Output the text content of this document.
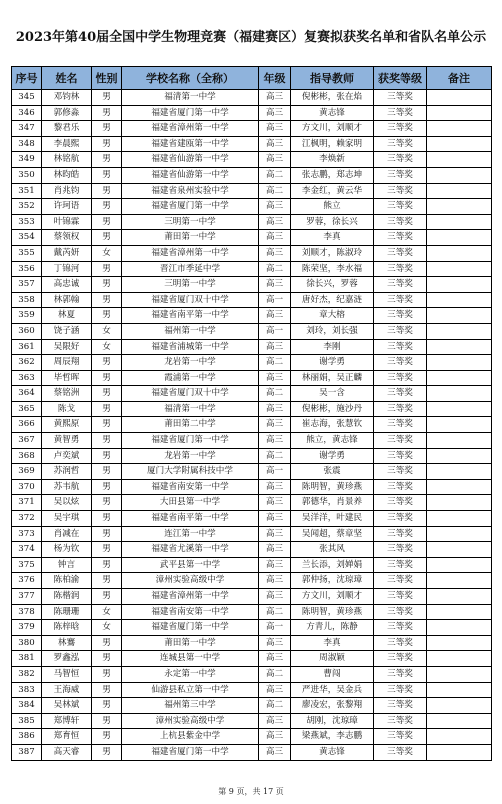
2023年第40届全国中学生物理竞赛（福建赛区）复赛拟获奖名单和省队名单公示
序号	姓名	性别	学校名称（全称）	年级	指导教师	获奖等级	备注
345	邓钧林	男	福清第一中学	高三	倪彬彬，张在焰	三等奖	
346	郭修淼	男	福建省厦门第一中学	高三	黄志锋	三等奖	
347	黎君乐	男	福建省漳州第一中学	高三	方文川，刘顺才	三等奖	
348	李晨熙	男	福建省建瓯第一中学	高三	江枫明，赖家明	三等奖	
349	林铭航	男	福建省仙游第一中学	高三	李焕新	三等奖	
350	林昀皓	男	福建省仙游第一中学	高二	张志鹏，郑志坤	三等奖	
351	肖兆钧	男	福建省泉州实验中学	高二	李金红，黄云华	三等奖	
352	许珂语	男	福建省厦门第一中学	高三	熊立	三等奖	
353	叶锦霖	男	三明第一中学	高三	罗蓉，徐长兴	三等奖	
354	蔡领权	男	莆田第一中学	高三	李真	三等奖	
355	戴芮妍	女	福建省漳州第一中学	高三	刘顺才，陈淑玲	三等奖	
356	丁锦河	男	晋江市季延中学	高二	陈荣坚，李水福	三等奖	
357	高忠诚	男	三明第一中学	高三	徐长兴，罗蓉	三等奖	
358	林郭翰	男	福建省厦门双十中学	高一	唐好杰，纪嘉涟	三等奖	
359	林夏	男	福建省南平第一中学	高三	章大榕	三等奖	
360	饶子涵	女	福州第一中学	高一	刘玲，刘长强	三等奖	
361	吴限好	女	福建省浦城第一中学	高三	李刚	三等奖	
362	周辰翔	男	龙岩第一中学	高二	谢学勇	三等奖	
363	毕哲晖	男	霞浦第一中学	高三	林丽娟，吴正麟	三等奖	
364	蔡铭洲	男	福建省厦门双十中学	高二	吴一含	三等奖	
365	陈戈	男	福清第一中学	高三	倪彬彬，施沙丹	三等奖	
366	黄熙原	男	莆田第二中学	高三	崔志海，张慧钦	三等奖	
367	黄智勇	男	福建省厦门第一中学	高三	熊立，黄志锋	三等奖	
368	卢奕斌	男	龙岩第一中学	高二	谢学勇	三等奖	
369	苏润哲	男	厦门大学附属科技中学	高一	张震	三等奖	
370	苏韦航	男	福建省南安第一中学	高三	陈明智，黄珍燕	三等奖	
371	吴以炫	男	大田县第一中学	高三	郭德华，肖景养	三等奖	
372	吴宇琪	男	福建省南平第一中学	高三	吴洋洋，叶建民	三等奖	
373	肖减在	男	连江第一中学	高三	吴闻超，蔡章坚	三等奖	
374	杨为钦	男	福建省尤溪第一中学	高三	张其风	三等奖	
375	钟言	男	武平县第一中学	高三	兰长添，刘婵娟	三等奖	
376	陈柏渝	男	漳州实验高级中学	高三	郭仲扬，沈琼璋	三等奖	
377	陈楷润	男	福建省漳州第一中学	高三	方文川，刘顺才	三等奖	
378	陈珊珊	女	福建省南安第一中学	高二	陈明智，黄珍燕	三等奖	
379	陈梓晗	女	福建省厦门第一中学	高一	方青儿，陈静	三等奖	
380	林鶱	男	莆田第一中学	高三	李真	三等奖	
381	罗鑫泓	男	连城县第一中学	高三	周淑颖	三等奖	
382	马智恒	男	永定第一中学	高二	曹闯	三等奖	
383	王海威	男	仙游县私立第一中学	高三	严进华，吴金兵	三等奖	
384	吴林斌	男	福州第三中学	高二	廖凌宏，张黎翔	三等奖	
385	郑博轩	男	漳州实验高级中学	高三	胡刚，沈琼璋	三等奖	
386	郑育恒	男	上杭县紫金中学	高三	梁燕斌，李志鹏	三等奖	
387	高天睿	男	福建省厦门第一中学	高三	黄志锋	三等奖	
第 9 页，共 17 页
